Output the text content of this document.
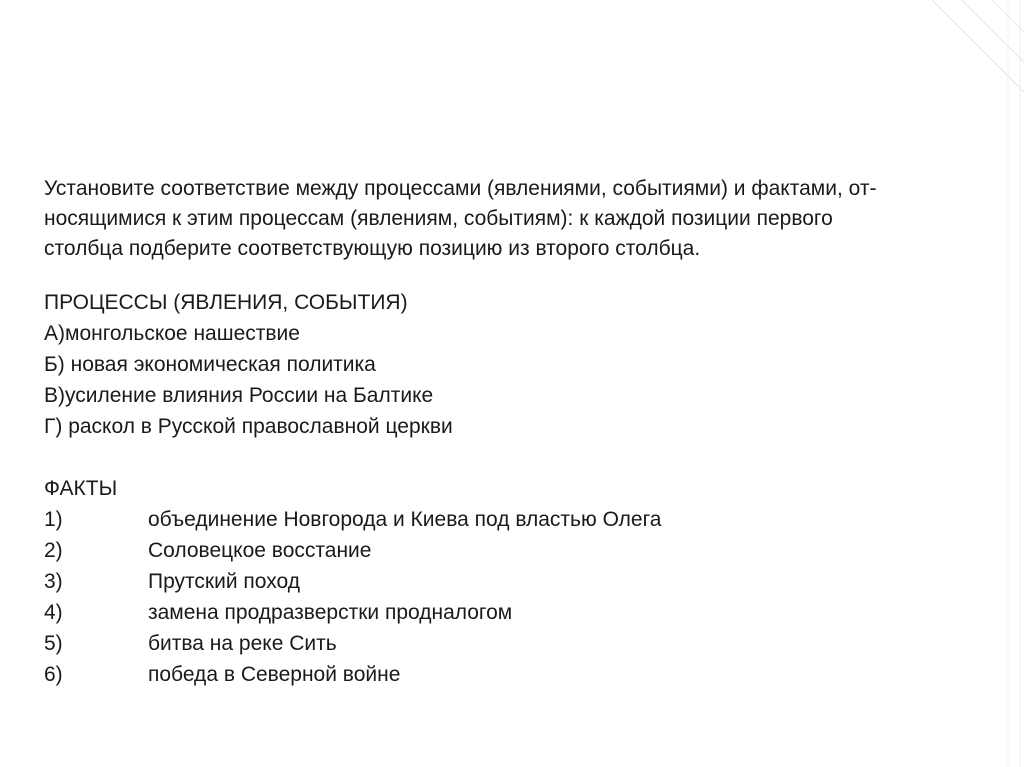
Установите соответствие между процессами (явлениями, событиями) и фактами, от-

носящимися к этим процессам (явлениям, событиям): к каждой позиции первого

столбца подберите соответствующую позицию из второго столбца.

ПРОЦЕССЫ (ЯВЛЕНИЯ, СОБЫТИЯ)

А)монгольское нашествие

Б) новая экономическая политика

В)усиление влияния России на Балтике

Г) раскол в Русской православной церкви

ФАКТЫ

1)	объединение Новгорода и Киева под властью Олега
2)	Соловецкое восстание
3)	Прутский поход
4)	замена продразверстки продналогом
5)	битва на реке Сить
6)	победа в Северной войне
